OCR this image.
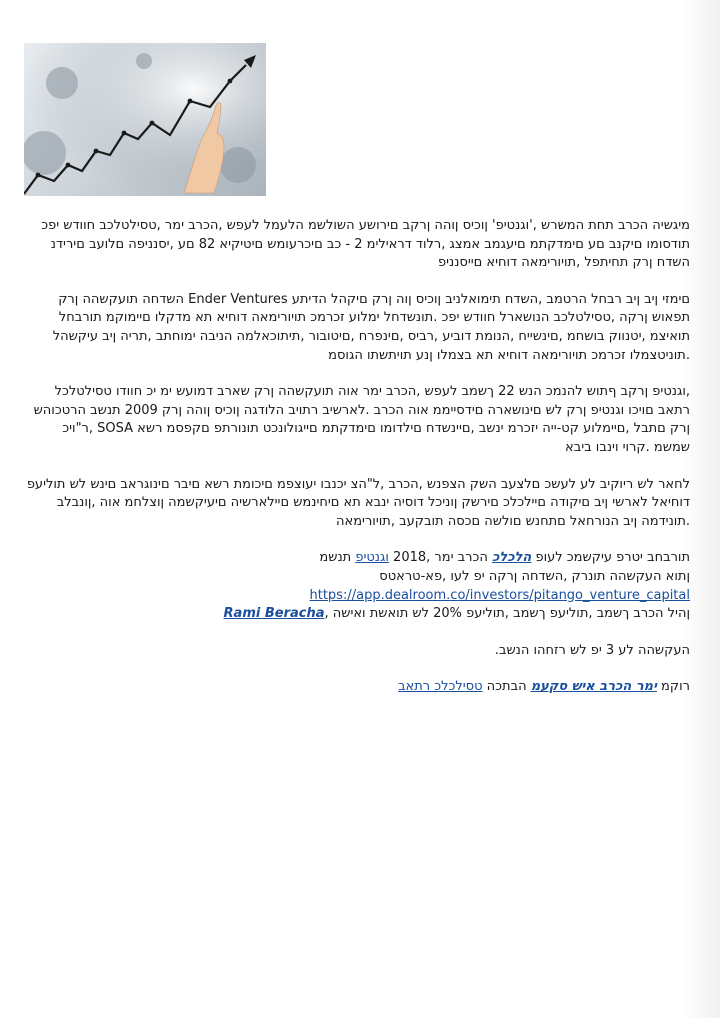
מיגשיה הכרב תחת המשרש ,'וגנטיפ' ןוכיס ןוהה ןרקב םירושע השולשמ הלעמל לעפש ,הכרב ימר ,טסילטלכב חוודש יפכ תודסומו םיקנב םע םימדקתמ םיעגמב אמצג ,רלוד דראילימ 2 - כב םיכרעומש םיטיקיא 82 םע ,יסנניפה םלועב םירידנ השדח ןרק תחיתפל ,תויורימאה דוחיא םייסנניפ

םימזי ןיב ןיב רבחל הרטמב ,השדח תימואלניב ןוכיס ןוה ןרק םיקהל הדיתע Ender Ventures השדחה תועקשהה ןרק תפאוש ןרקה ,טסילטלכב הנושארל חוודש יפכ .תונשדחל ימלוע זכרמכ תויורימאה דוחיא תא מדקלו םיימוקמ תורבחל תואיצמ ,יטנווק בושחמ ,םינשייח ,הנומת דוביע ,רביס ,םינפרח ,םיטובור ,תיתוכאלמה הניבה ימוחתב ,תריה ןיב עיקשהל .תוניטצמלו זכרמכ תויורימאה דוחיא תא בצמלו ןנע תויתשתו הגוסמ

,וגנטיפ ןרקב ףתוש להנמכ הנש 22 ךשמב לעפש ,הכרב ימר אוה תועקשהה ןרק שארב דמועש ימ יכ חוודו טסילטלכל רתאב םויכו וגנטיפ ןרק לש םינושארה םידסייממ אוה הכרב .לארשיב רתויב הלודגה ןוכיס ןוהה ןרק 2009 תנשב הרטכוהש ןרק םתבל ,םיימלוע קט-ייה יזכרמ ינשב ,םיינשדח םילדומו םימדקתמ םייגולונכט תונורתפ םקפסמ רשא SOSA ,ר"ויכ שמשמ .קרוי וינבו ביבא

לחאר לש ריוקיב לע לעשכ םלצעב השק הצפנש ,הכרב ,ל"הצ יכנבו יעוצפמ םיכומת רשא םיבר םינוגראב םינש לש תוליעפ דוחיאל לארשי ןיב םיקודה םיילכלכ םירשק ןוניכל דוסיה ינבא תא םיחינמש םיילארשיה םיעיקשמה ןוצלחמ אוה ,ןונבלב .תונידמה ןיב הנורחאל םתחנש םולשה םכסה תובקעב ,תויורימאה

תורבחב יטרפ עיקשמכ לעופ הלכלכ הכרב ימר ,2018 וגנטיפ תנשמ
ןתוא העקשהה תונרק ,השדחה ןרקה יפ לעו ,פא-טראטס https://app.dealroom.co/investors/pitango_venture_capital
ןהיל הכרב ךשמב ,תוליעפ ךשמב ,תוליעפ 20% לש תואשת ואישה ,Rami Beracha

העקשהה לע 3 יפ לש רזחהו הנשב.

רוקמ ימר הכרב איש סקעמ הבתכה טסילכלכ רתאב
